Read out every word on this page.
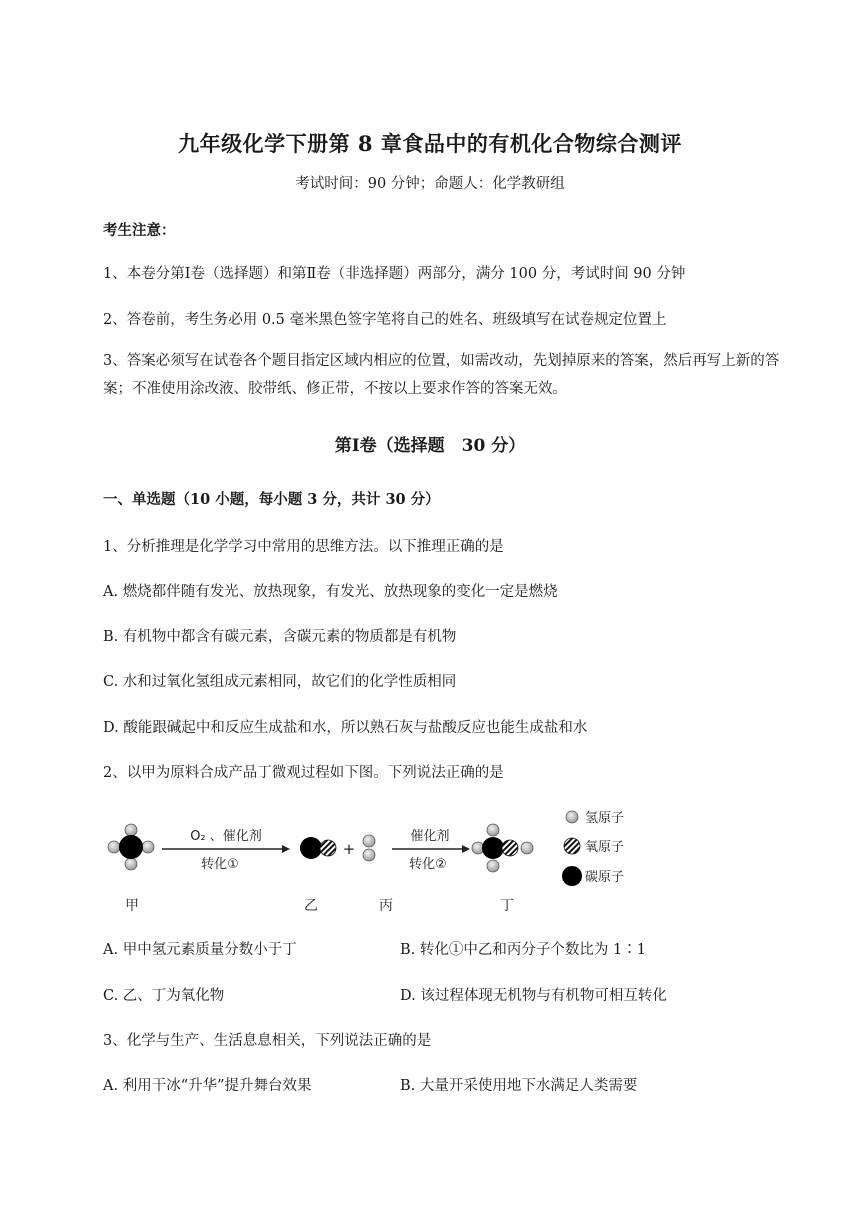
九年级化学下册第 8 章食品中的有机化合物综合测评
考试时间：90 分钟；命题人：化学教研组
考生注意：
1、本卷分第Ⅰ卷（选择题）和第Ⅱ卷（非选择题）两部分，满分 100 分，考试时间 90 分钟
2、答卷前，考生务必用 0.5 毫米黑色签字笔将自己的姓名、班级填写在试卷规定位置上
3、答案必须写在试卷各个题目指定区域内相应的位置，如需改动，先划掉原来的答案，然后再写上新的答案；不准使用涂改液、胶带纸、修正带，不按以上要求作答的答案无效。
第Ⅰ卷（选择题　30 分）
一、单选题（10 小题，每小题 3 分，共计 30 分）
1、分析推理是化学学习中常用的思维方法。以下推理正确的是
A. 燃烧都伴随有发光、放热现象，有发光、放热现象的变化一定是燃烧
B. 有机物中都含有碳元素，含碳元素的物质都是有机物
C. 水和过氧化氢组成元素相同，故它们的化学性质相同
D. 酸能跟碱起中和反应生成盐和水，所以熟石灰与盐酸反应也能生成盐和水
2、以甲为原料合成产品丁微观过程如下图。下列说法正确的是
O₂ 、催化剂
转化①
+
催化剂
转化②
氢原子
氧原子
碳原子
甲	乙	丙	丁
A. 甲中氢元素质量分数小于丁	B. 转化①中乙和丙分子个数比为 1∶1
C. 乙、丁为氧化物	D. 该过程体现无机物与有机物可相互转化
3、化学与生产、生活息息相关，下列说法正确的是
A. 利用干冰“升华”提升舞台效果	B. 大量开采使用地下水满足人类需要
